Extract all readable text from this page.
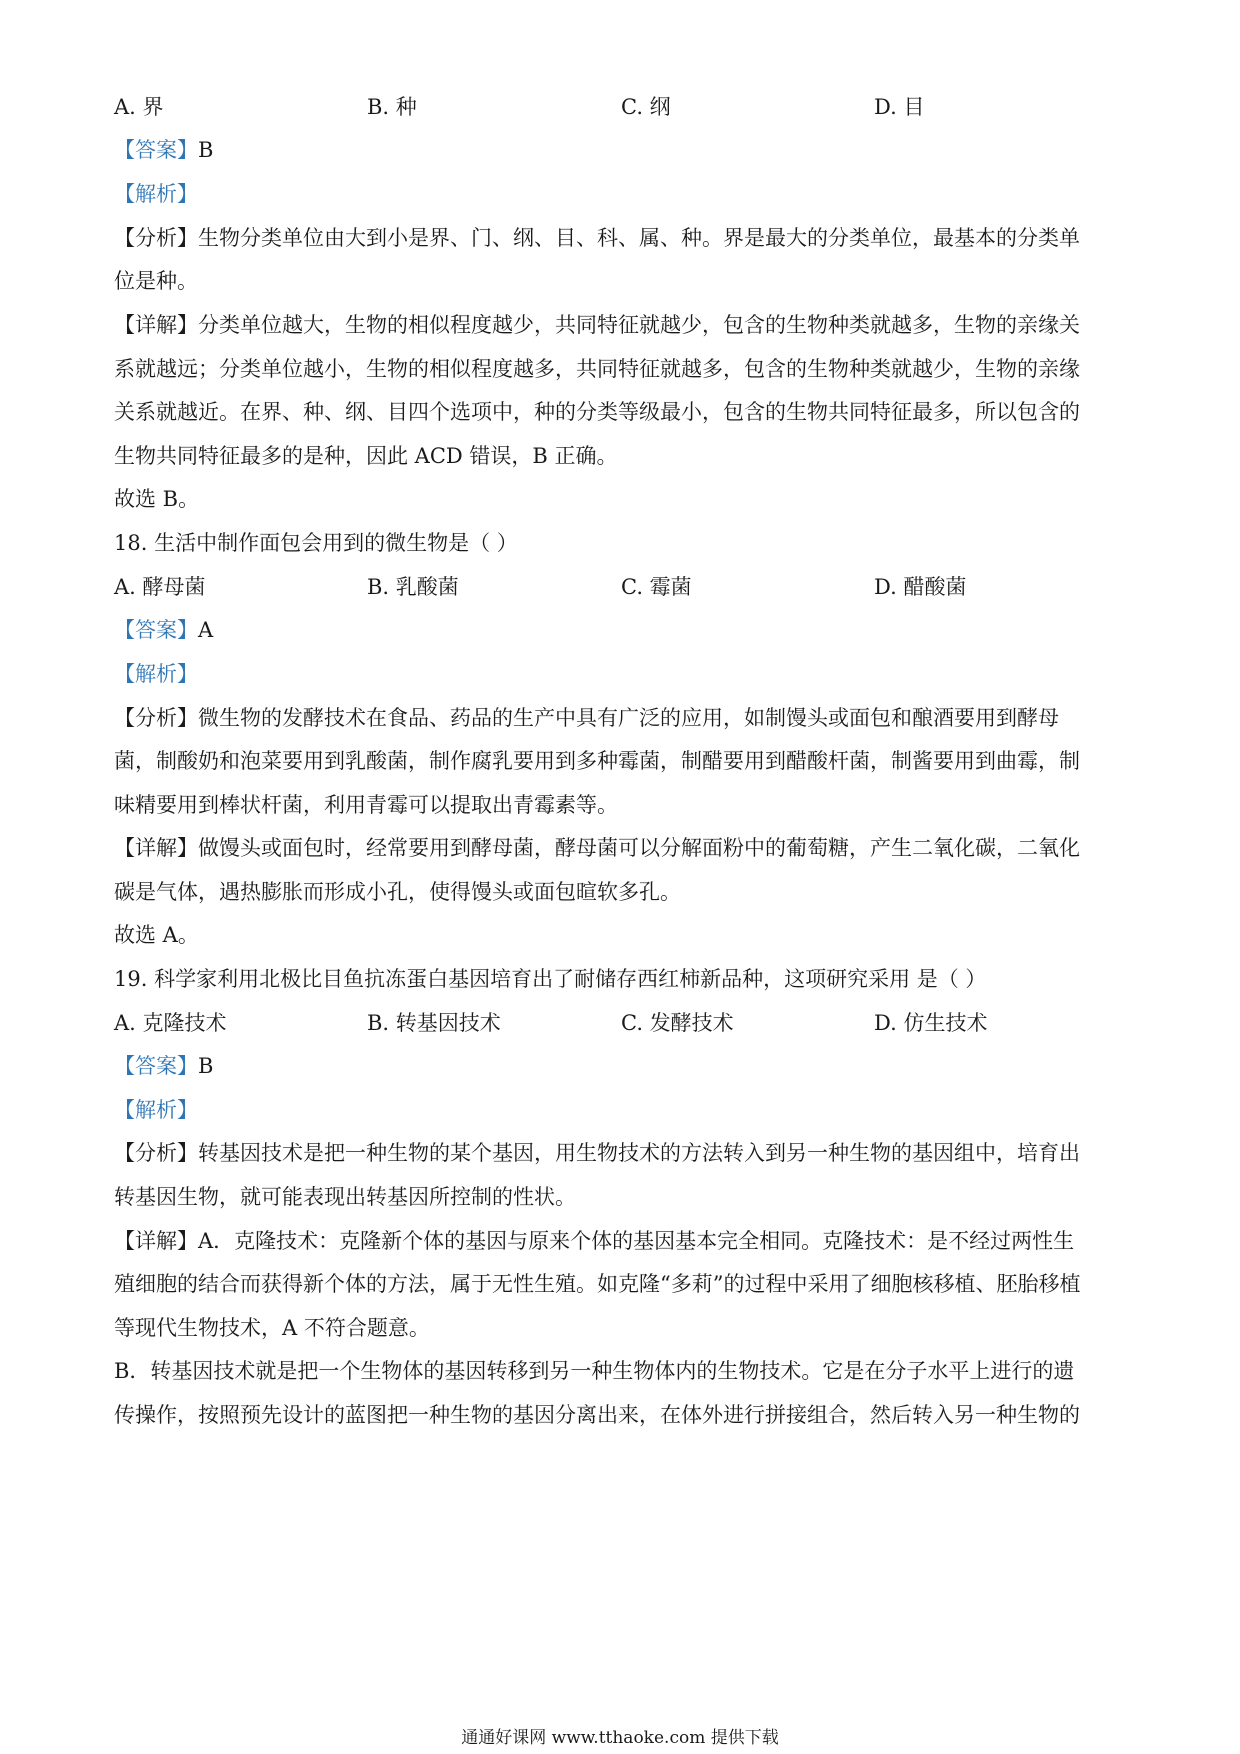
A. 界	B. 种	C. 纲	D. 目
【答案】B
【解析】
【分析】生物分类单位由大到小是界、门、纲、目、科、属、种。界是最大的分类单位，最基本的分类单
位是种。
【详解】分类单位越大，生物的相似程度越少，共同特征就越少，包含的生物种类就越多，生物的亲缘关
系就越远；分类单位越小，生物的相似程度越多，共同特征就越多，包含的生物种类就越少，生物的亲缘
关系就越近。在界、种、纲、目四个选项中，种的分类等级最小，包含的生物共同特征最多，所以包含的
生物共同特征最多的是种，因此 ACD 错误，B 正确。
故选 B。
18. 生活中制作面包会用到的微生物是（ ）
A. 酵母菌	B. 乳酸菌	C. 霉菌	D. 醋酸菌
【答案】A
【解析】
【分析】微生物的发酵技术在食品、药品的生产中具有广泛的应用，如制馒头或面包和酿酒要用到酵母
菌，制酸奶和泡菜要用到乳酸菌，制作腐乳要用到多种霉菌，制醋要用到醋酸杆菌，制酱要用到曲霉，制
味精要用到棒状杆菌，利用青霉可以提取出青霉素等。
【详解】做馒头或面包时，经常要用到酵母菌，酵母菌可以分解面粉中的葡萄糖，产生二氧化碳，二氧化
碳是气体，遇热膨胀而形成小孔，使得馒头或面包暄软多孔。
故选 A。
19. 科学家利用北极比目鱼抗冻蛋白基因培育出了耐储存西红柿新品种，这项研究采用 是（ ）
A. 克隆技术	B. 转基因技术	C. 发酵技术	D. 仿生技术
【答案】B
【解析】
【分析】转基因技术是把一种生物的某个基因，用生物技术的方法转入到另一种生物的基因组中，培育出
转基因生物，就可能表现出转基因所控制的性状。
【详解】A．克隆技术：克隆新个体的基因与原来个体的基因基本完全相同。克隆技术：是不经过两性生
殖细胞的结合而获得新个体的方法，属于无性生殖。如克隆“多莉”的过程中采用了细胞核移植、胚胎移植
等现代生物技术，A 不符合题意。
B．转基因技术就是把一个生物体的基因转移到另一种生物体内的生物技术。它是在分子水平上进行的遗
传操作，按照预先设计的蓝图把一种生物的基因分离出来，在体外进行拼接组合，然后转入另一种生物的
通通好课网 www.tthaoke.com 提供下载
